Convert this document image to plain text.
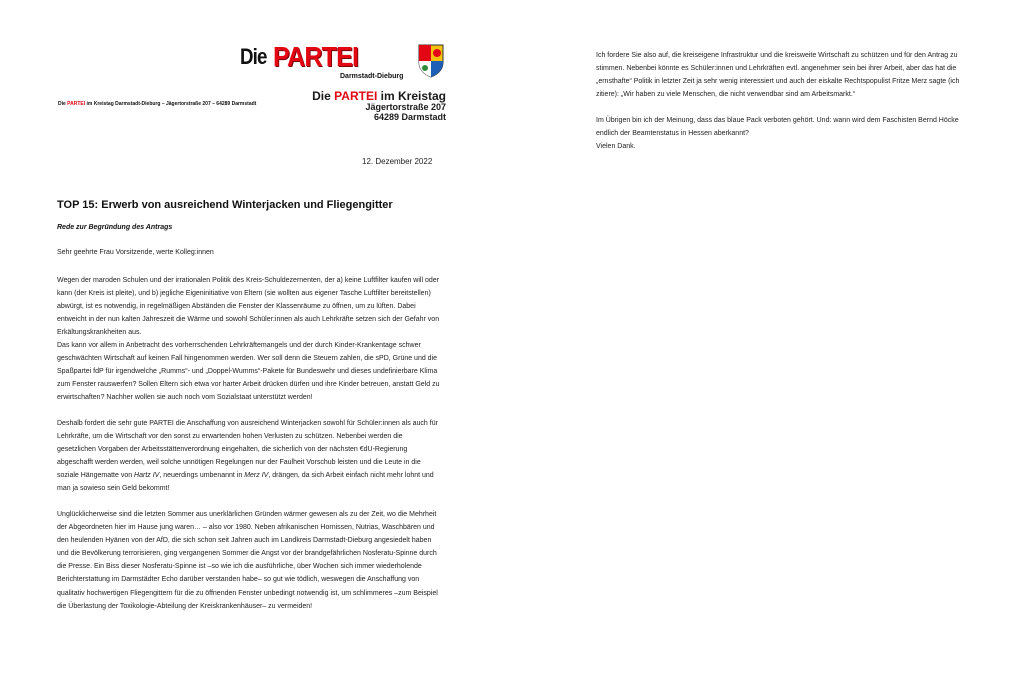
Die PARTEI
Darmstadt-Dieburg
Die PARTEI im Kreistag
Jägertorstraße 207
64289 Darmstadt
Die PARTEI im Kreistag Darmstadt-Dieburg – Jägertorstraße 207 – 64289 Darmstadt
12. Dezember 2022
TOP 15: Erwerb von ausreichend Winterjacken und Fliegengitter
Rede zur Begründung des Antrags

Sehr geehrte Frau Vorsitzende, werte Kolleg:innen

Wegen der maroden Schulen und der irrationalen Politik des Kreis-Schuldezernenten, der a) keine Luftfilter kaufen will oder kann (der Kreis ist pleite), und b) jegliche Eigeninitiative von Eltern (sie wollten aus eigener Tasche Luftfilter bereitstellen) abwürgt, ist es notwendig, in regelmäßigen Abständen die Fenster der Klassenräume zu öffnen, um zu lüften. Dabei entweicht in der nun kalten Jahreszeit die Wärme und sowohl Schüler:innen als auch Lehrkräfte setzen sich der Gefahr von Erkältungskrankheiten aus.

Das kann vor allem in Anbetracht des vorherrschenden Lehrkräftemangels und der durch Kinder-Krankentage schwer geschwächten Wirtschaft auf keinen Fall hingenommen werden. Wer soll denn die Steuern zahlen, die sPD, Grüne und die Spaßpartei fdP für irgendwelche „Rumms“- und „Doppel-Wumms“-Pakete für Bundeswehr und dieses undefinierbare Klima zum Fenster rauswerfen? Sollen Eltern sich etwa vor harter Arbeit drücken dürfen und ihre Kinder betreuen, anstatt Geld zu erwirtschaften? Nachher wollen sie auch noch vom Sozialstaat unterstützt werden!

Deshalb fordert die sehr gute PARTEI die Anschaffung von ausreichend Winterjacken sowohl für Schüler:innen als auch für Lehrkräfte, um die Wirtschaft vor den sonst zu erwartenden hohen Verlusten zu schützen. Nebenbei werden die gesetzlichen Vorgaben der Arbeitsstättenverordnung eingehalten, die sicherlich von der nächsten €dU-Regierung abgeschafft werden werden, weil solche unnötigen Regelungen nur der Faulheit Vorschub leisten und die Leute in die soziale Hängematte von Hartz IV, neuerdings umbenannt in Merz IV, drängen, da sich Arbeit einfach nicht mehr lohnt und man ja sowieso sein Geld bekommt!

Unglücklicherweise sind die letzten Sommer aus unerklärlichen Gründen wärmer gewesen als zu der Zeit, wo die Mehrheit der Abgeordneten hier im Hause jung waren… – also vor 1980. Neben afrikanischen Hornissen, Nutrias, Waschbären und den heulenden Hyänen von der AfD, die sich schon seit Jahren auch im Landkreis Darmstadt-Dieburg angesiedelt haben und die Bevölkerung terrorisieren, ging vergangenen Sommer die Angst vor der brandgefährlichen Nosferatu-Spinne durch die Presse. Ein Biss dieser Nosferatu-Spinne ist –so wie ich die ausführliche, über Wochen sich immer wiederholende Berichterstattung im Darmstädter Echo darüber verstanden habe– so gut wie tödlich, weswegen die Anschaffung von qualitativ hochwertigen Fliegengittern für die zu öffnenden Fenster unbedingt notwendig ist, um schlimmeres –zum Beispiel die Überlastung der Toxikologie-Abteilung der Kreiskrankenhäuser– zu vermeiden!

Ich fordere Sie also auf, die kreiseigene Infrastruktur und die kreisweite Wirtschaft zu schützen und für den Antrag zu stimmen. Nebenbei könnte es Schüler:innen und Lehrkräften evtl. angenehmer sein bei ihrer Arbeit, aber das hat die „ernsthafte“ Politik in letzter Zeit ja sehr wenig interessiert und auch der eiskalte Rechtspopulist Fritze Merz sagte (ich zitiere): „Wir haben zu viele Menschen, die nicht verwendbar sind am Arbeitsmarkt.“

Im Übrigen bin ich der Meinung, dass das blaue Pack verboten gehört. Und: wann wird dem Faschisten Bernd Höcke endlich der Beamtenstatus in Hessen aberkannt?

Vielen Dank.
